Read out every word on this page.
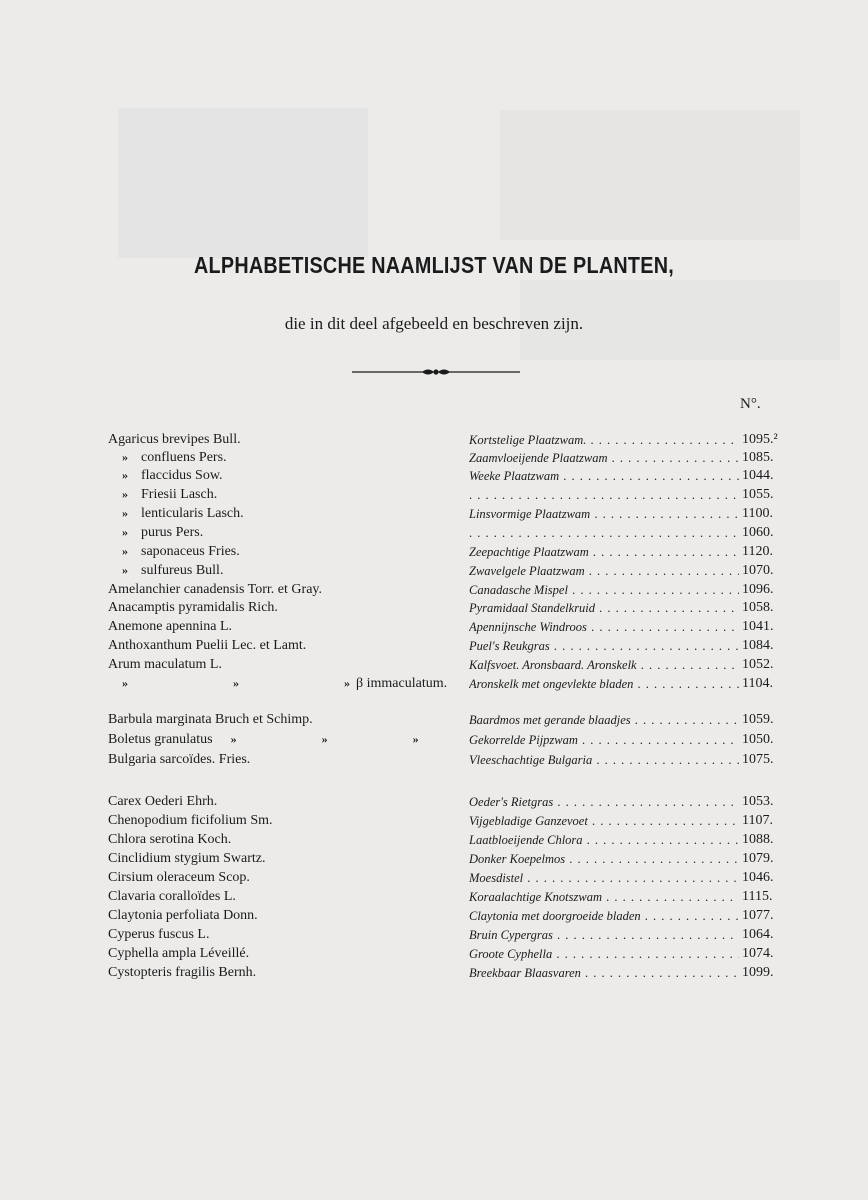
ALPHABETISCHE NAAMLIJST VAN DE PLANTEN,
die in dit deel afgebeeld en beschreven zijn.
N°.
Agaricus brevipes Bull.	Kortstelige Plaatzwam. . . .	1095.²
» confluens Pers.	Zaamvloeijende Plaatzwam . . .	1085.
» flaccidus Sow.	Weeke Plaatzwam . . .	1044.
» Friesii Lasch. . . .	1055.
» lenticularis Lasch.	Linsvormige Plaatzwam . . .	1100.
» purus Pers. . . .	1060.
» saponaceus Fries.	Zeepachtige Plaatzwam . . .	1120.
» sulfureus Bull.	Zwavelgele Plaatzwam . . .	1070.
Amelanchier canadensis Torr. et Gray.	Canadasche Mispel . . .	1096.
Anacamptis pyramidalis Rich.	Pyramidaal Standelkruid . . .	1058.
Anemone apennina L.	Apennijnsche Windroos . . .	1041.
Anthoxanthum Puelii Lec. et Lamt.	Puel's Reukgras . . .	1084.
Arum maculatum L.	Kalfsvoet. Aronsbaard. Aronskelk . . .	1052.
»     »     » β immaculatum. Aronskelk met ongevlekte bladen . . .	1104.
Barbula marginata Bruch et Schimp.	Baardmos met gerande blaadjes . . .	1059.
Boletus granulatus »     »     »	Gekorrelde Pijpzwam . . .	1050.
Bulgaria sarcoïdes. Fries.	Vleeschachtige Bulgaria . . .	1075.
Carex Oederi Ehrh.	Oeder's Rietgras . . .	1053.
Chenopodium ficifolium Sm.	Vijgebladige Ganzevoet . . .	1107.
Chlora serotina Koch.	Laatbloeijende Chlora . . .	1088.
Cinclidium stygium Swartz.	Donker Koepelmos . . .	1079.
Cirsium oleraceum Scop.	Moesdistel . . .	1046.
Clavaria coralloïdes L.	Koraalachtige Knotszwam . . .	1115.
Claytonia perfoliata Donn.	Claytonia met doorgroeide bladen . . .	1077.
Cyperus fuscus L.	Bruin Cypergras . . .	1064.
Cyphella ampla Léveillé.	Groote Cyphella . . .	1074.
Cystopteris fragilis Bernh.	Breekbaar Blaasvaren . . .	1099.
